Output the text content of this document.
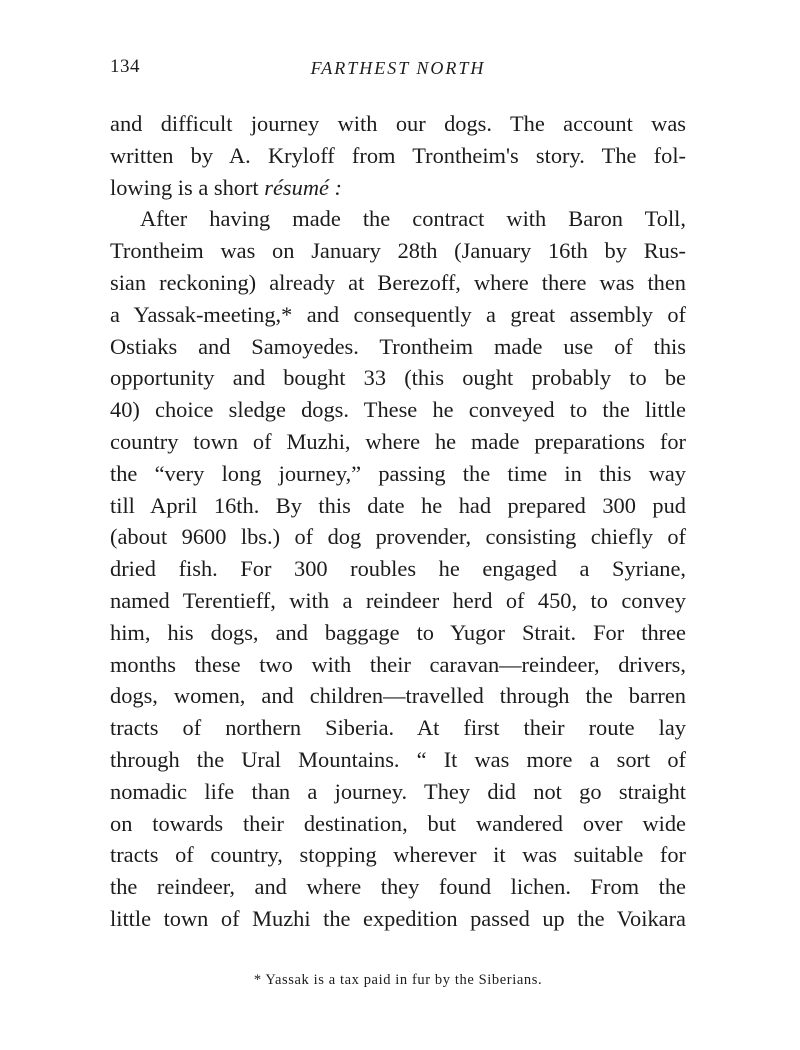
134	FARTHEST NORTH
and difficult journey with our dogs. The account was
written by A. Kryloff from Trontheim's story. The fol-
lowing is a short résumé :
After having made the contract with Baron Toll,
Trontheim was on January 28th (January 16th by Rus-
sian reckoning) already at Berezoff, where there was then
a Yassak-meeting,* and consequently a great assembly of
Ostiaks and Samoyedes. Trontheim made use of this
opportunity and bought 33 (this ought probably to be
40) choice sledge dogs. These he conveyed to the little
country town of Muzhi, where he made preparations for
the “very long journey,” passing the time in this way
till April 16th. By this date he had prepared 300 pud
(about 9600 lbs.) of dog provender, consisting chiefly of
dried fish. For 300 roubles he engaged a Syriane,
named Terentieff, with a reindeer herd of 450, to convey
him, his dogs, and baggage to Yugor Strait. For three
months these two with their caravan—reindeer, drivers,
dogs, women, and children—travelled through the barren
tracts of northern Siberia. At first their route lay
through the Ural Mountains. “ It was more a sort of
nomadic life than a journey. They did not go straight
on towards their destination, but wandered over wide
tracts of country, stopping wherever it was suitable for
the reindeer, and where they found lichen. From the
little town of Muzhi the expedition passed up the Voikara
* Yassak is a tax paid in fur by the Siberians.
